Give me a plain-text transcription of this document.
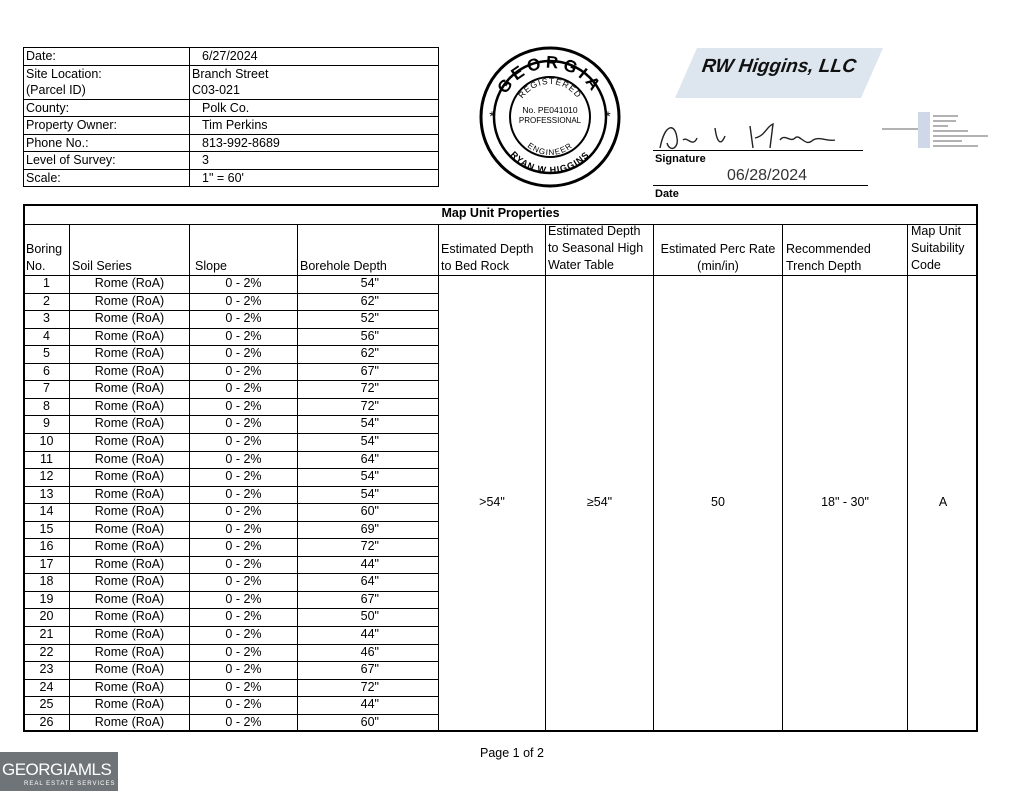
Date:	6/27/2024
Site Location:	Branch Street
(Parcel ID)	C03-021
County:	Polk Co.
Property Owner:	Tim Perkins
Phone No.:	813-992-8689
Level of Survey:	3
Scale:	1" = 60'
GEORGIA
REGISTERED
RYAN W HIGGINS
ENGINEER
No. PE041010
PROFESSIONAL
*	*
RW Higgins, LLC
Signature
06/28/2024
Date
Map Unit Properties
Boring
No.	Soil Series	Slope	Borehole Depth
Estimated Depth
to Bed Rock
Estimated Depth
to Seasonal High
Water Table
Estimated Perc Rate
(min/in)
Recommended
Trench Depth
Map Unit
Suitability
Code
>54"	≥54"	50	18" - 30"	A
1	Rome (RoA)	0 - 2%	54"
2	Rome (RoA)	0 - 2%	62"
3	Rome (RoA)	0 - 2%	52"
4	Rome (RoA)	0 - 2%	56"
5	Rome (RoA)	0 - 2%	62"
6	Rome (RoA)	0 - 2%	67"
7	Rome (RoA)	0 - 2%	72"
8	Rome (RoA)	0 - 2%	72"
9	Rome (RoA)	0 - 2%	54"
10	Rome (RoA)	0 - 2%	54"
11	Rome (RoA)	0 - 2%	64"
12	Rome (RoA)	0 - 2%	54"
13	Rome (RoA)	0 - 2%	54"
14	Rome (RoA)	0 - 2%	60"
15	Rome (RoA)	0 - 2%	69"
16	Rome (RoA)	0 - 2%	72"
17	Rome (RoA)	0 - 2%	44"
18	Rome (RoA)	0 - 2%	64"
19	Rome (RoA)	0 - 2%	67"
20	Rome (RoA)	0 - 2%	50"
21	Rome (RoA)	0 - 2%	44"
22	Rome (RoA)	0 - 2%	46"
23	Rome (RoA)	0 - 2%	67"
24	Rome (RoA)	0 - 2%	72"
25	Rome (RoA)	0 - 2%	44"
26	Rome (RoA)	0 - 2%	60"
Page 1 of 2
GEORGIAMLS
REAL ESTATE SERVICES
